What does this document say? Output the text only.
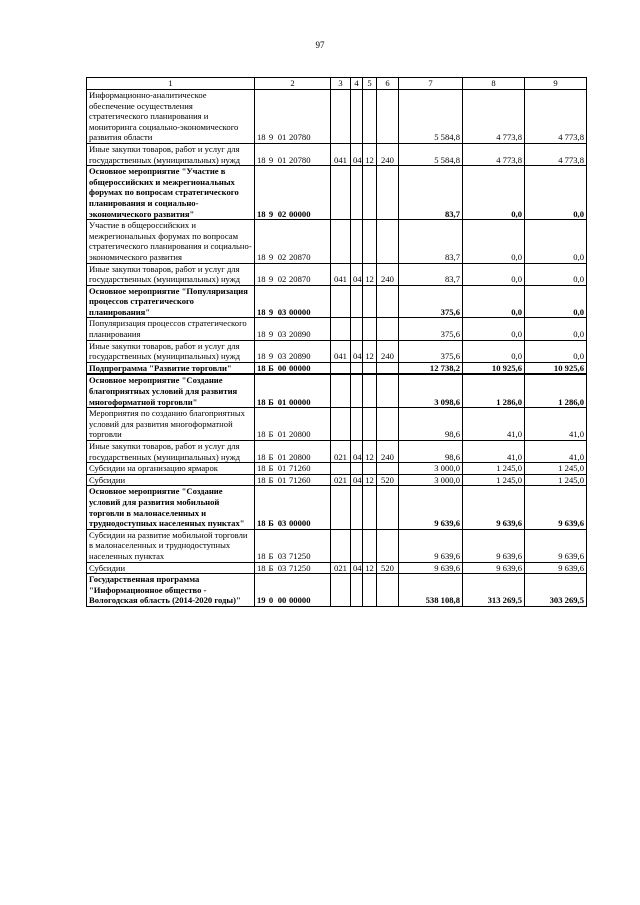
97
1	2	3	4	5	6	7	8	9
Информационно-аналитическое обеспечение осуществления стратегического планирования и мониторинга социально-экономического развития области	18 9 01 20780					5 584,8	4 773,8	4 773,8
Иные закупки товаров, работ и услуг для государственных (муниципальных) нужд	18 9 01 20780	041	04	12	240	5 584,8	4 773,8	4 773,8
Основное мероприятие "Участие в общероссийских и межрегиональных форумах по вопросам стратегического планирования и социально-экономического развития"	18 9 02 00000					83,7	0,0	0,0
Участие в общероссийских и межрегиональных форумах по вопросам стратегического планирования и социально-экономического развития	18 9 02 20870					83,7	0,0	0,0
Иные закупки товаров, работ и услуг для государственных (муниципальных) нужд	18 9 02 20870	041	04	12	240	83,7	0,0	0,0
Основное мероприятие "Популяризация процессов стратегического планирования"	18 9 03 00000					375,6	0,0	0,0
Популяризация процессов стратегического планирования	18 9 03 20890					375,6	0,0	0,0
Иные закупки товаров, работ и услуг для государственных (муниципальных) нужд	18 9 03 20890	041	04	12	240	375,6	0,0	0,0
Подпрограмма "Развитие торговли"	18 Б 00 00000					12 738,2	10 925,6	10 925,6
Основное мероприятие "Создание благоприятных условий для развития многоформатной торговли"	18 Б 01 00000					3 098,6	1 286,0	1 286,0
Мероприятия по созданию благоприятных условий для развития многоформатной торговли	18 Б 01 20800					98,6	41,0	41,0
Иные закупки товаров, работ и услуг для государственных (муниципальных) нужд	18 Б 01 20800	021	04	12	240	98,6	41,0	41,0
Субсидии на организацию ярмарок	18 Б 01 71260					3 000,0	1 245,0	1 245,0
Субсидии	18 Б 01 71260	021	04	12	520	3 000,0	1 245,0	1 245,0
Основное мероприятие "Создание условий для развития мобильной торговли в малонаселенных и труднодоступных населенных пунктах"	18 Б 03 00000					9 639,6	9 639,6	9 639,6
Субсидии на развитие мобильной торговли в малонаселенных и труднодоступных населенных пунктах	18 Б 03 71250					9 639,6	9 639,6	9 639,6
Субсидии	18 Б 03 71250	021	04	12	520	9 639,6	9 639,6	9 639,6
Государственная программа "Информационное общество - Вологодская область (2014-2020 годы)"	19 0 00 00000					538 108,8	313 269,5	303 269,5
